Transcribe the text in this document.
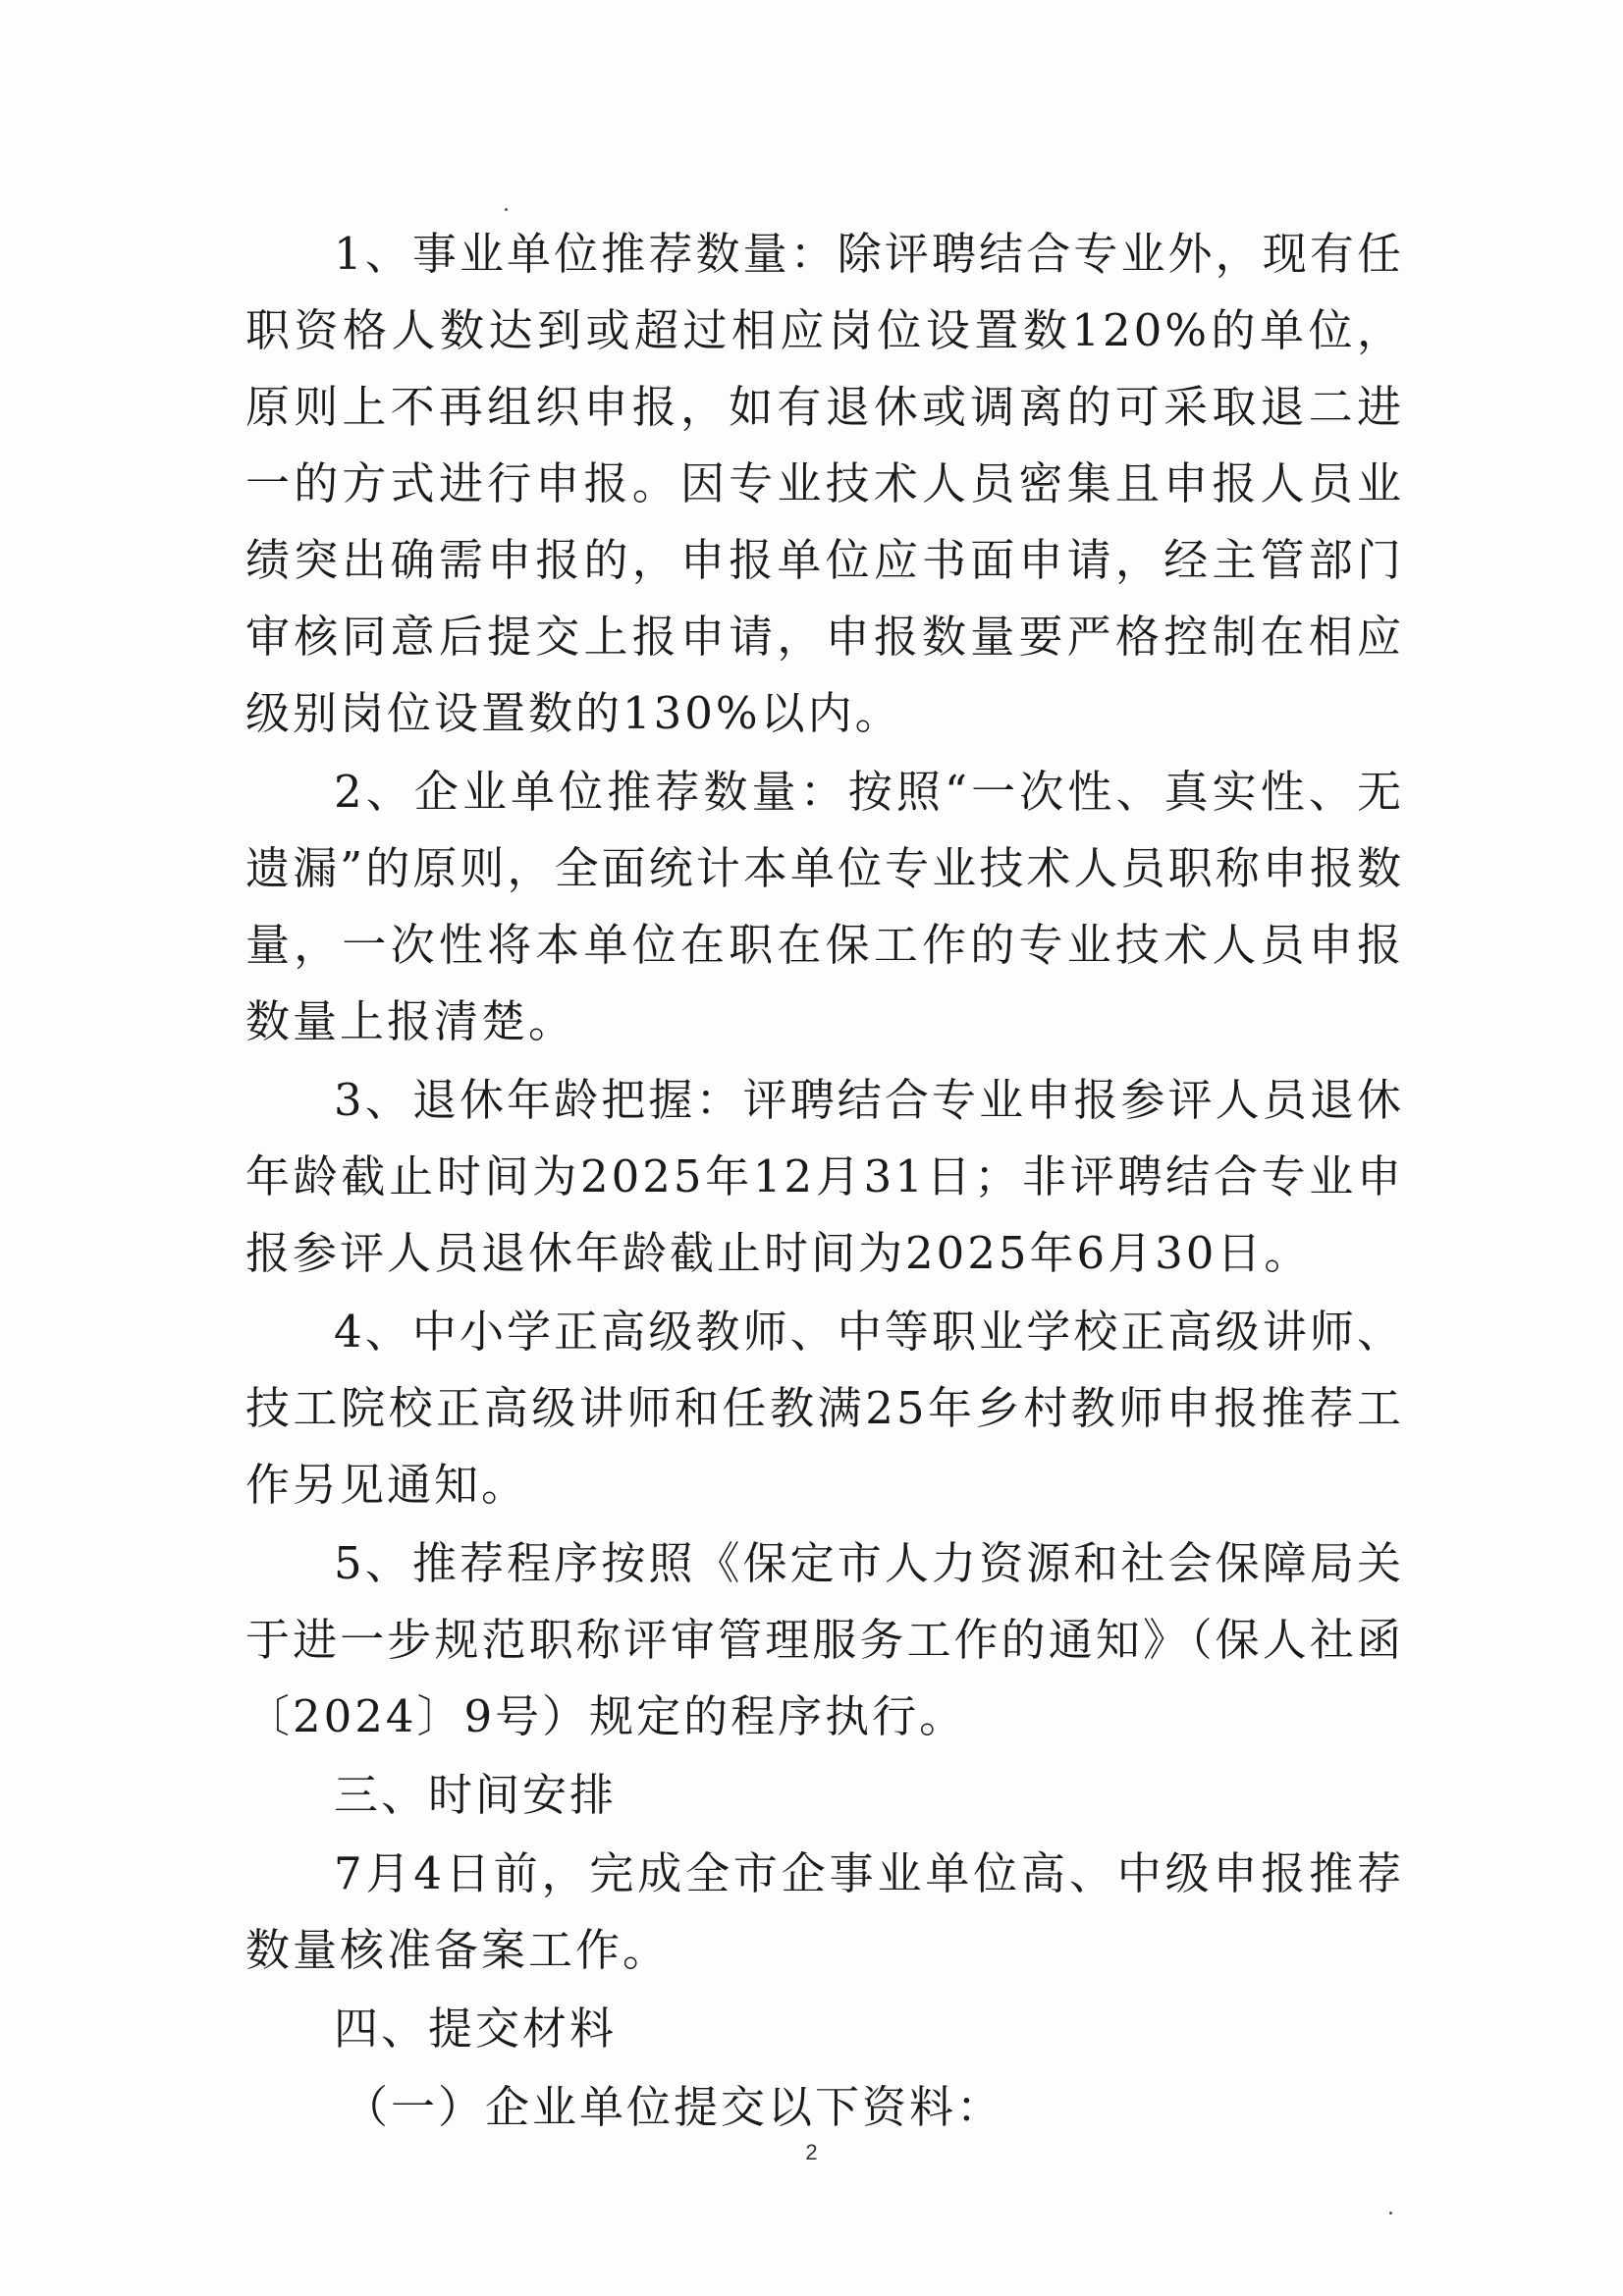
1、事业单位推荐数量：除评聘结合专业外，现有任职资格人数达到或超过相应岗位设置数120%的单位，原则上不再组织申报，如有退休或调离的可采取退二进一的方式进行申报。因专业技术人员密集且申报人员业绩突出确需申报的，申报单位应书面申请，经主管部门审核同意后提交上报申请，申报数量要严格控制在相应级别岗位设置数的130%以内。

2、企业单位推荐数量：按照“一次性、真实性、无遗漏”的原则，全面统计本单位专业技术人员职称申报数量，一次性将本单位在职在保工作的专业技术人员申报数量上报清楚。

3、退休年龄把握：评聘结合专业申报参评人员退休年龄截止时间为2025年12月31日；非评聘结合专业申报参评人员退休年龄截止时间为2025年6月30日。

4、中小学正高级教师、中等职业学校正高级讲师、技工院校正高级讲师和任教满25年乡村教师申报推荐工作另见通知。

5、推荐程序按照《保定市人力资源和社会保障局关于进一步规范职称评审管理服务工作的通知》（保人社函〔2024〕9号）规定的程序执行。

三、时间安排

7月4日前，完成全市企事业单位高、中级申报推荐数量核准备案工作。

四、提交材料

（一）企业单位提交以下资料：

2
